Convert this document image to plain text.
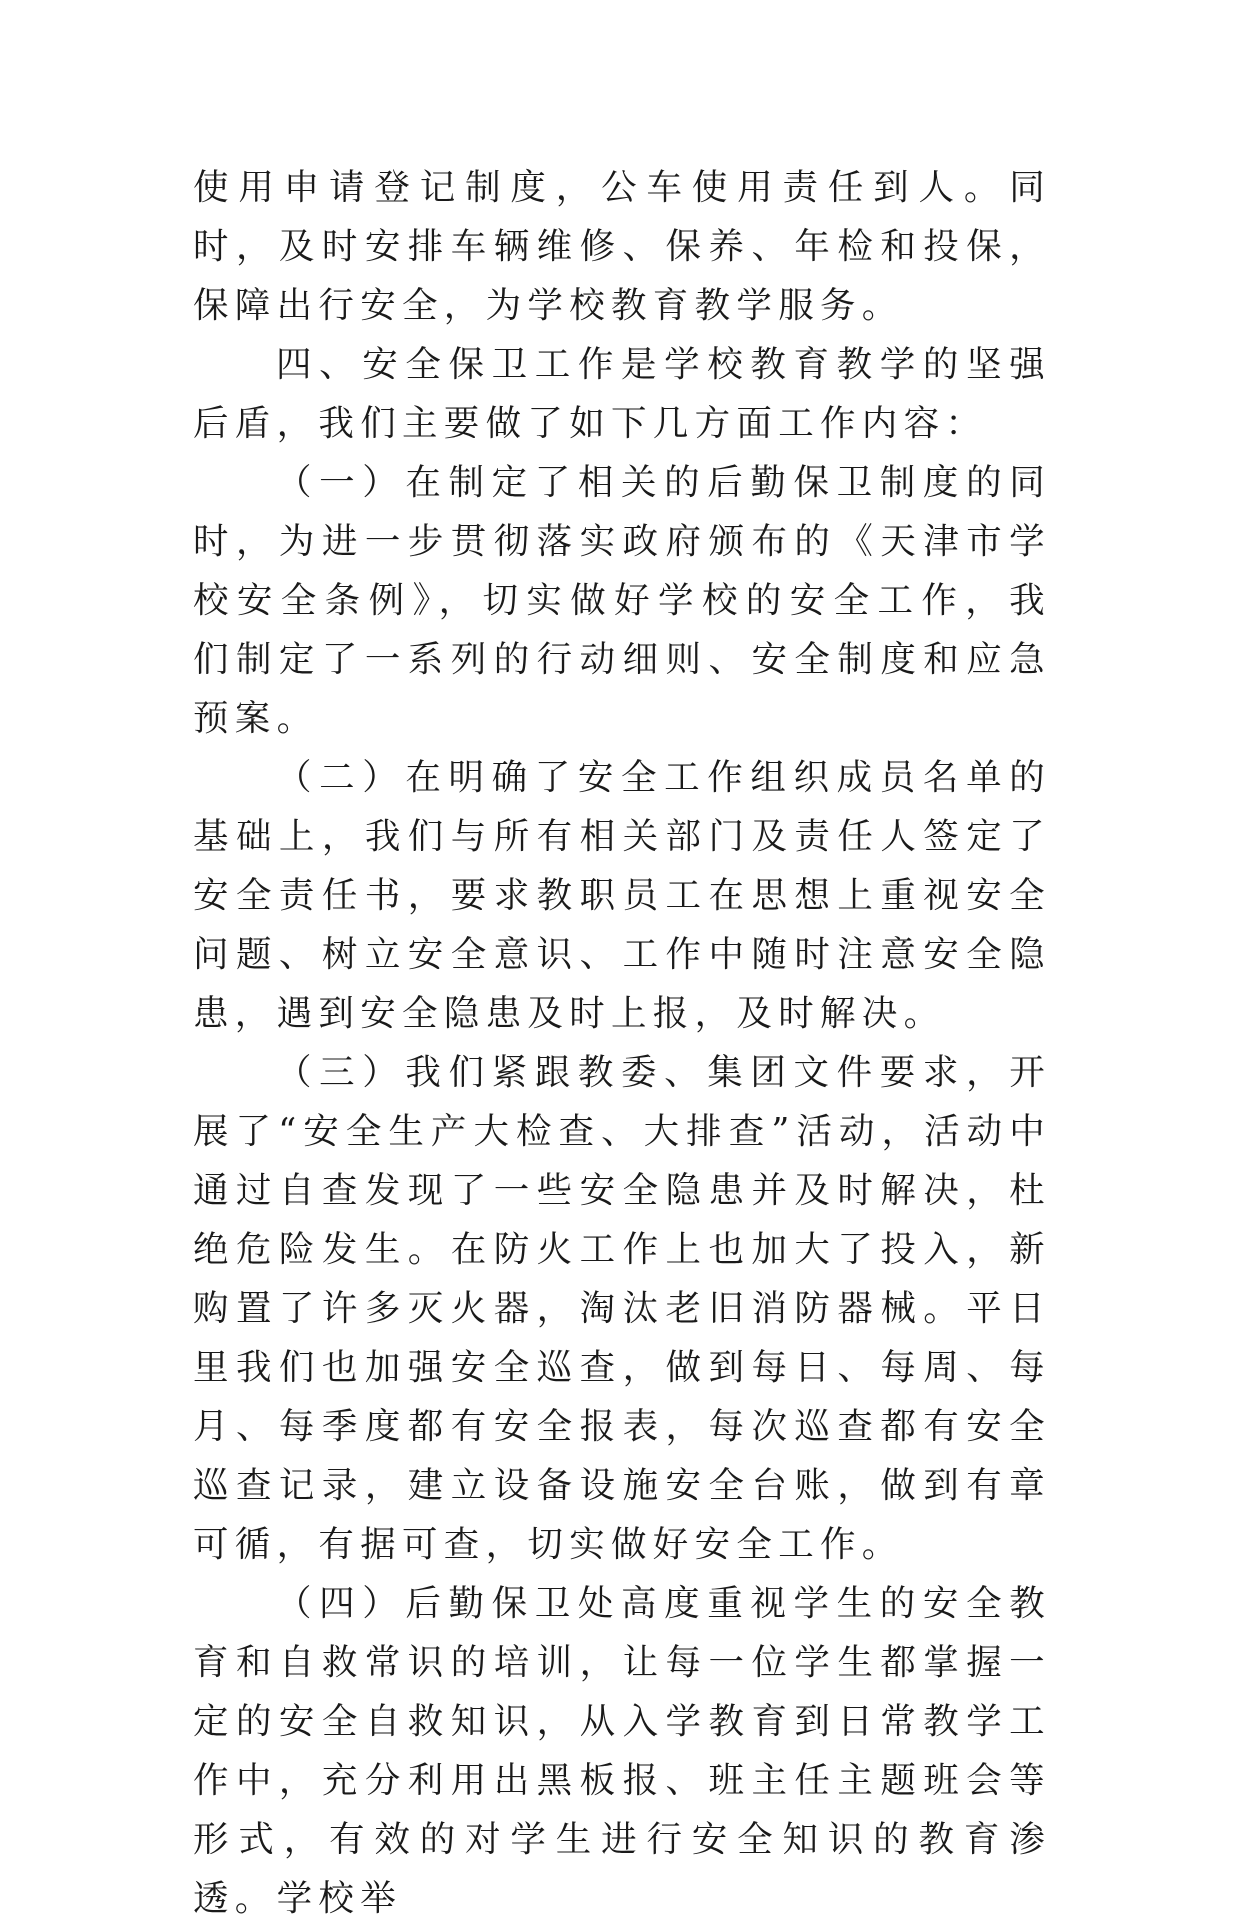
使用申请登记制度，公车使用责任到人。同时，及时安排车辆维修、保养、年检和投保，保障出行安全，为学校教育教学服务。

四、安全保卫工作是学校教育教学的坚强后盾，我们主要做了如下几方面工作内容：

（一）在制定了相关的后勤保卫制度的同时，为进一步贯彻落实政府颁布的《天津市学校安全条例》，切实做好学校的安全工作，我们制定了一系列的行动细则、安全制度和应急预案。

（二）在明确了安全工作组织成员名单的基础上，我们与所有相关部门及责任人签定了安全责任书，要求教职员工在思想上重视安全问题、树立安全意识、工作中随时注意安全隐患，遇到安全隐患及时上报，及时解决。

（三）我们紧跟教委、集团文件要求，开展了“安全生产大检查、大排查”活动，活动中通过自查发现了一些安全隐患并及时解决，杜绝危险发生。在防火工作上也加大了投入，新购置了许多灭火器，淘汰老旧消防器械。平日里我们也加强安全巡查，做到每日、每周、每月、每季度都有安全报表，每次巡查都有安全巡查记录，建立设备设施安全台账，做到有章可循，有据可查，切实做好安全工作。

（四）后勤保卫处高度重视学生的安全教育和自救常识的培训，让每一位学生都掌握一定的安全自救知识，从入学教育到日常教学工作中，充分利用出黑板报、班主任主题班会等形式，有效的对学生进行安全知识的教育渗透。学校举
